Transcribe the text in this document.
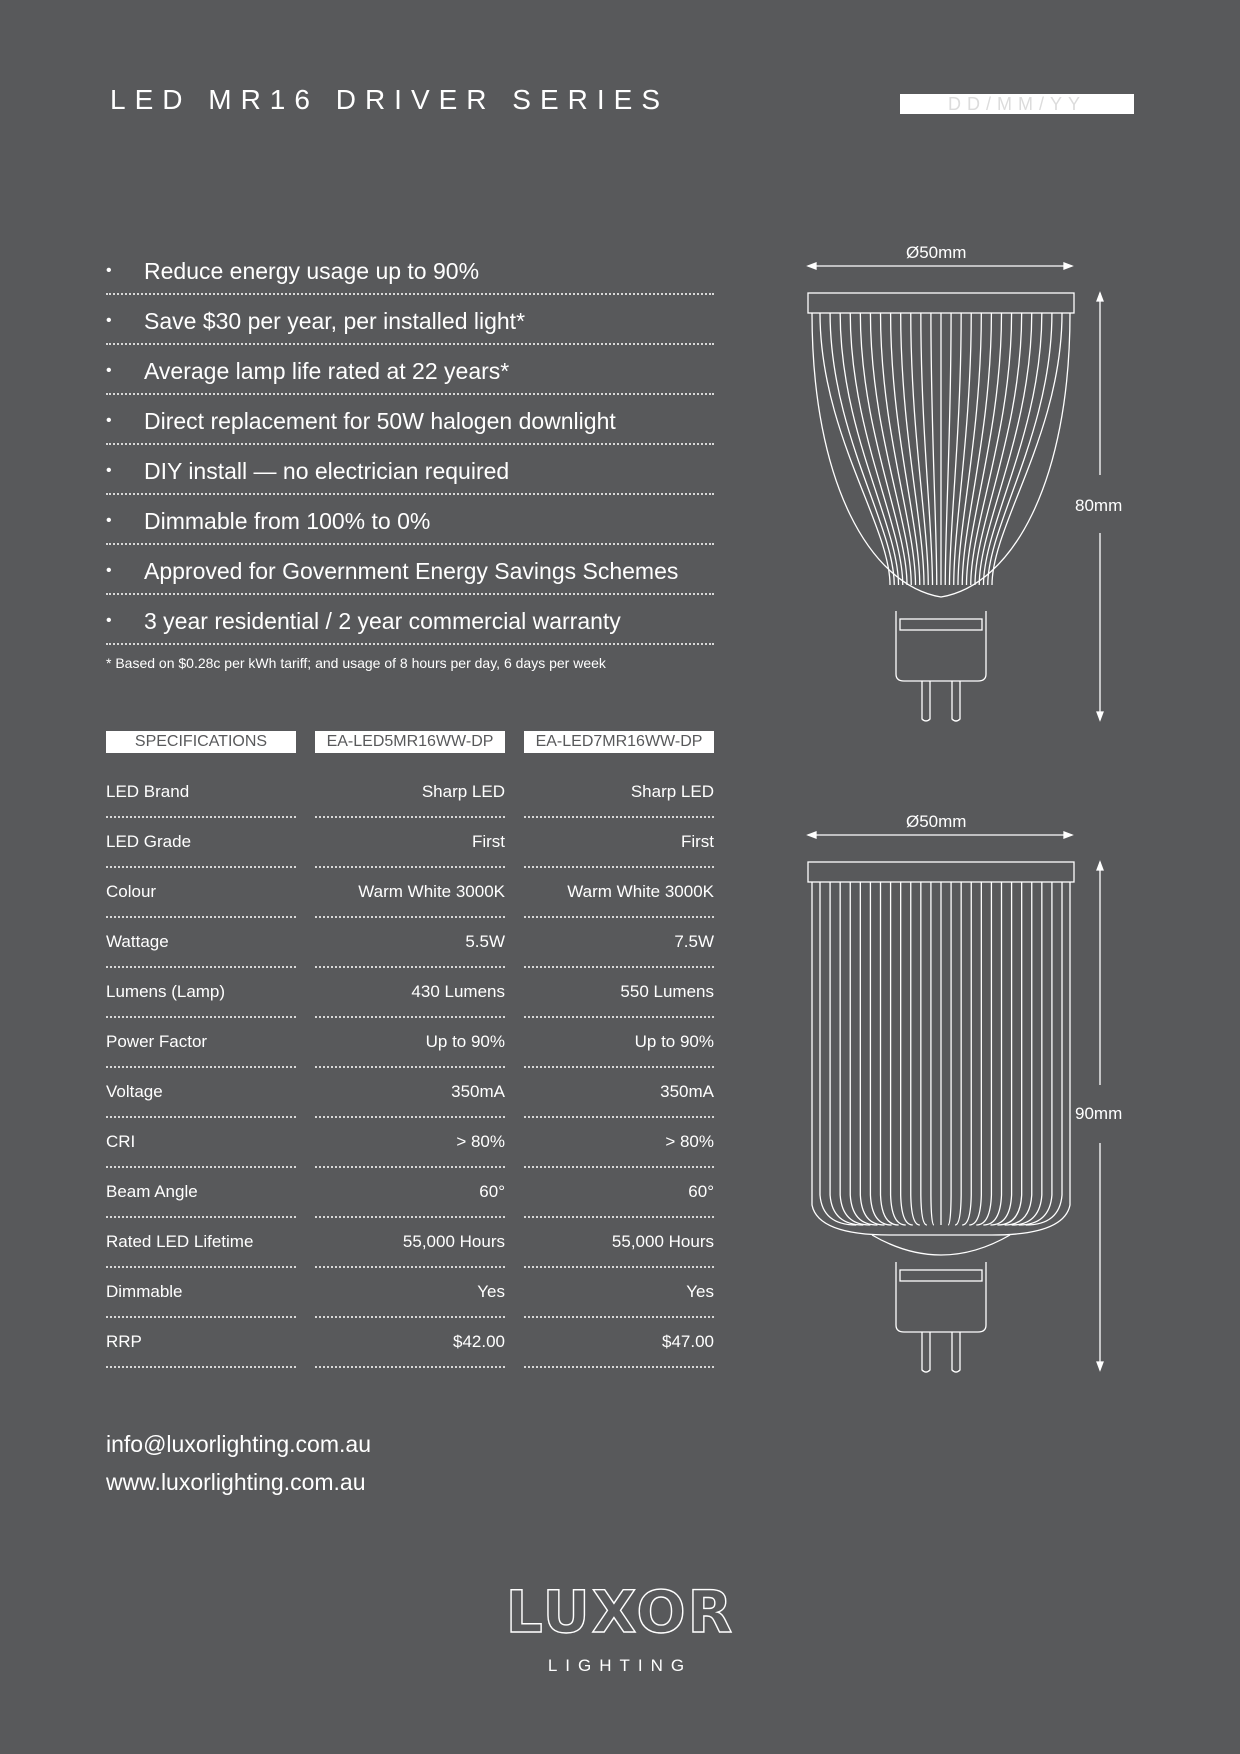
LED MR16 DRIVER SERIES	DD/MM/YY
•	Reduce energy usage up to 90%
•	Save $30 per year, per installed light*
•	Average lamp life rated at 22 years*
•	Direct replacement for 50W halogen downlight
•	DIY install — no electrician required
•	Dimmable from 100% to 0%
•	Approved for Government Energy Savings Schemes
•	3 year residential / 2 year commercial warranty
* Based on $0.28c per kWh tariff; and usage of 8 hours per day, 6 days per week
SPECIFICATIONS	EA-LED5MR16WW-DP	EA-LED7MR16WW-DP
LED Brand	Sharp LED	Sharp LED
LED Grade	First	First
Colour	Warm White 3000K	Warm White 3000K
Wattage	5.5W	7.5W
Lumens (Lamp)	430 Lumens	550 Lumens
Power Factor	Up to 90%	Up to 90%
Voltage	350mA	350mA
CRI	> 80%	> 80%
Beam Angle	60°	60°
Rated LED Lifetime	55,000 Hours	55,000 Hours
Dimmable	Yes	Yes
RRP	$42.00	$47.00
Ø50mm
80mm
Ø50mm
90mm
info@luxorlighting.com.au
www.luxorlighting.com.au
LUXOR
LIGHTING
